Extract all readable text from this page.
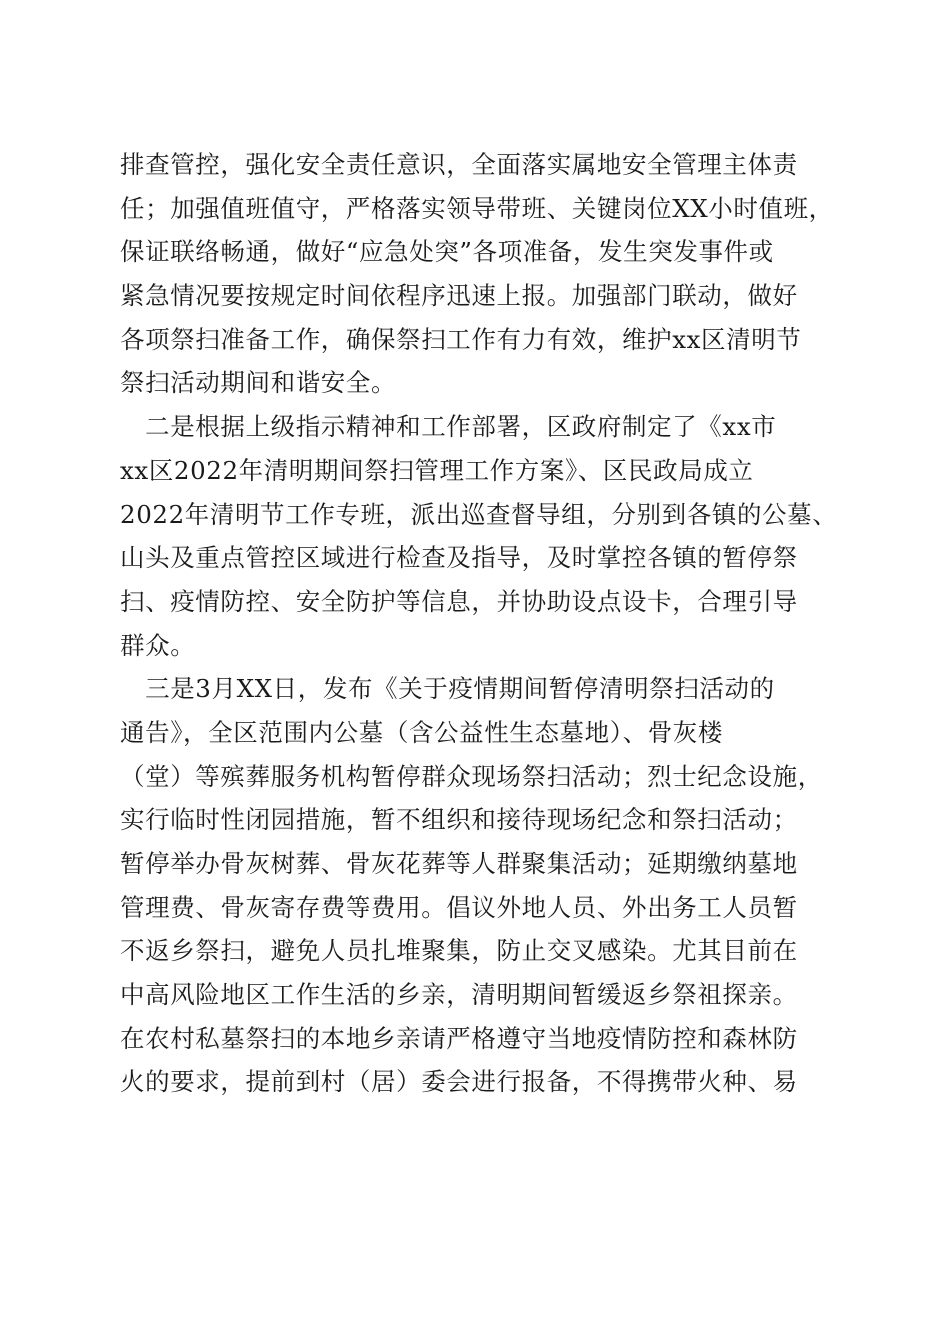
排查管控，强化安全责任意识，全面落实属地安全管理主体责
任；加强值班值守，严格落实领导带班、关键岗位XX小时值班，
保证联络畅通，做好“应急处突”各项准备，发生突发事件或
紧急情况要按规定时间依程序迅速上报。加强部门联动，做好
各项祭扫准备工作，确保祭扫工作有力有效，维护xx区清明节
祭扫活动期间和谐安全。
　二是根据上级指示精神和工作部署，区政府制定了《xx市
xx区2022年清明期间祭扫管理工作方案》、区民政局成立
2022年清明节工作专班，派出巡查督导组，分别到各镇的公墓、
山头及重点管控区域进行检查及指导，及时掌控各镇的暂停祭
扫、疫情防控、安全防护等信息，并协助设点设卡，合理引导
群众。
　三是3月XX日，发布《关于疫情期间暂停清明祭扫活动的
通告》，全区范围内公墓（含公益性生态墓地）、骨灰楼
（堂）等殡葬服务机构暂停群众现场祭扫活动；烈士纪念设施，
实行临时性闭园措施，暂不组织和接待现场纪念和祭扫活动；
暂停举办骨灰树葬、骨灰花葬等人群聚集活动；延期缴纳墓地
管理费、骨灰寄存费等费用。倡议外地人员、外出务工人员暂
不返乡祭扫，避免人员扎堆聚集，防止交叉感染。尤其目前在
中高风险地区工作生活的乡亲，清明期间暂缓返乡祭祖探亲。
在农村私墓祭扫的本地乡亲请严格遵守当地疫情防控和森林防
火的要求，提前到村（居）委会进行报备，不得携带火种、易
